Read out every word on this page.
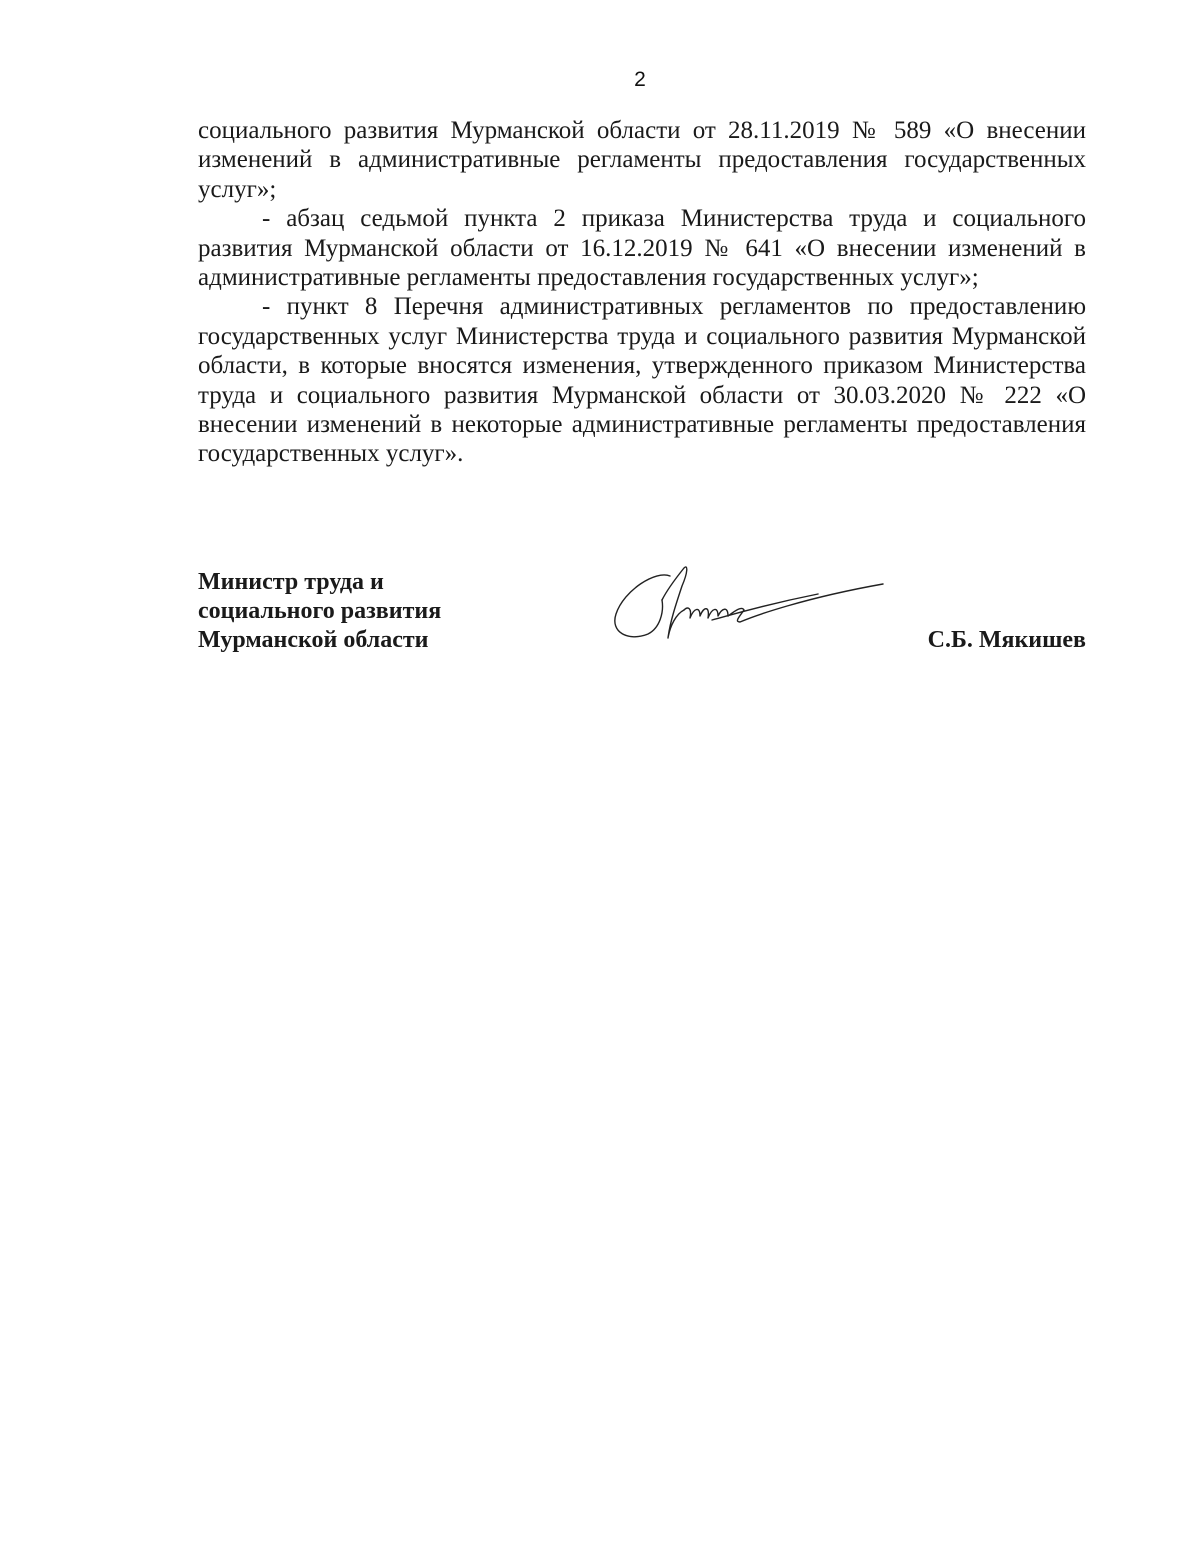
2

социального развития Мурманской области от 28.11.2019 № 589 «О внесении изменений в административные регламенты предоставления государственных услуг»;

- абзац седьмой пункта 2 приказа Министерства труда и социального развития Мурманской области от 16.12.2019 № 641 «О внесении изменений в административные регламенты предоставления государственных услуг»;

- пункт 8 Перечня административных регламентов по предоставлению государственных услуг Министерства труда и социального развития Мурманской области, в которые вносятся изменения, утвержденного приказом Министерства труда и социального развития Мурманской области от 30.03.2020 № 222 «О внесении изменений в некоторые административные регламенты предоставления государственных услуг».

Министр труда и
социального развития
Мурманской области	С.Б. Мякишев
